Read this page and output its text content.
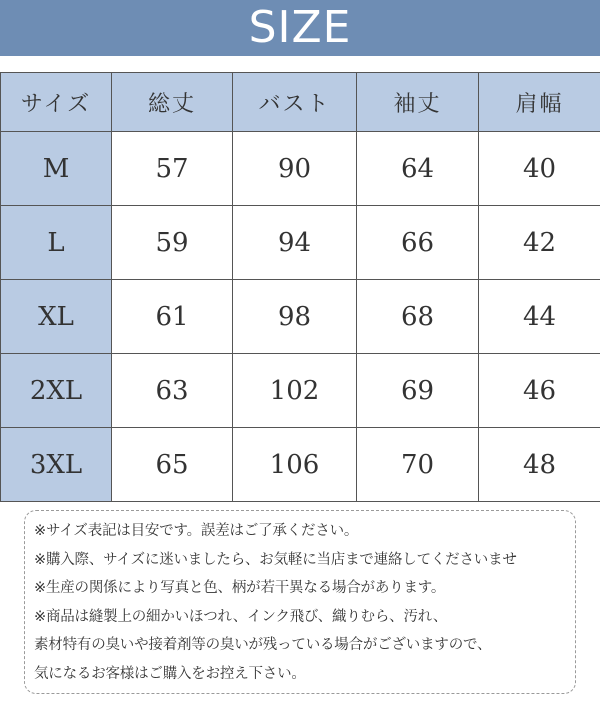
SIZE
サイズ	総丈	バスト	袖丈	肩幅
M	57	90	64	40
L	59	94	66	42
XL	61	98	68	44
2XL	63	102	69	46
3XL	65	106	70	48
※サイズ表記は目安です。誤差はご了承ください。
※購入際、サイズに迷いましたら、お気軽に当店まで連絡してくださいませ
※生産の関係により写真と色、柄が若干異なる場合があります。
※商品は縫製上の細かいほつれ、インク飛び、織りむら、汚れ、
素材特有の臭いや接着剤等の臭いが残っている場合がございますので、
気になるお客様はご購入をお控え下さい。
